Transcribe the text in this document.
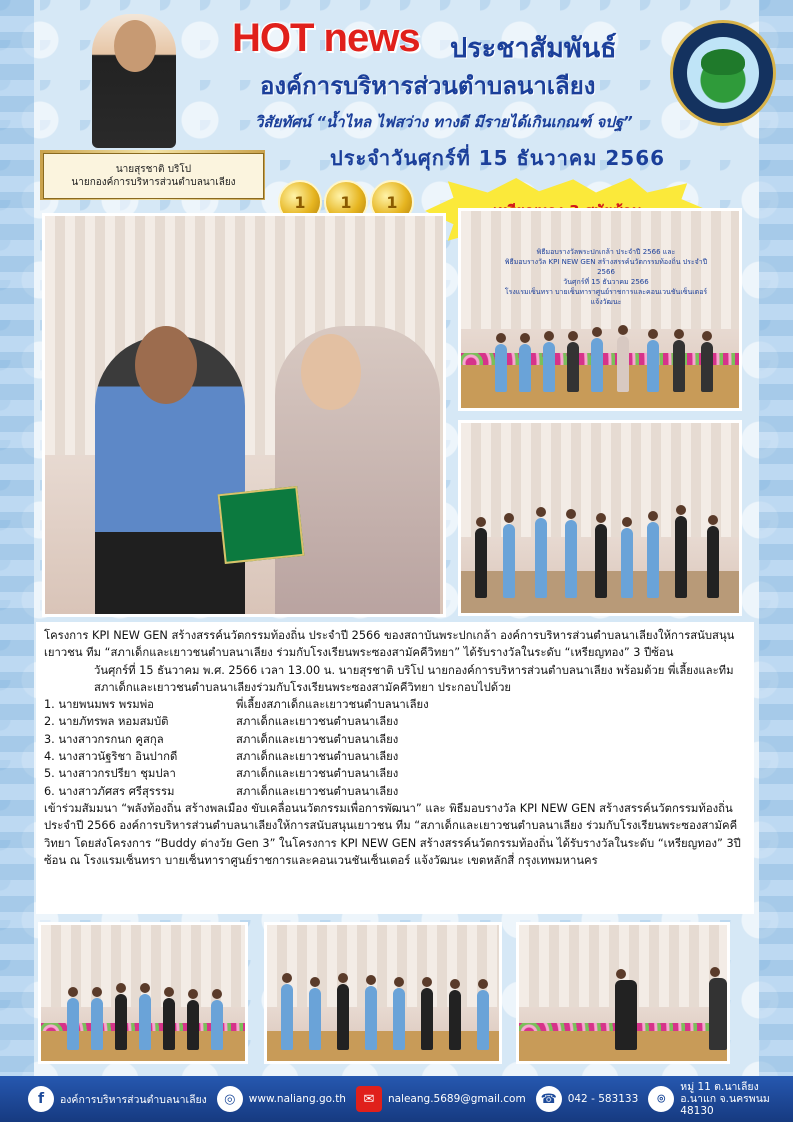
นายสุรชาติ บริโป
นายกองค์การบริหารส่วนตำบลนาเลียง
HOT news ประชาสัมพันธ์
องค์การบริหารส่วนตำบลนาเลียง
วิสัยทัศน์ “น้ำไหล ไฟสว่าง ทางดี มีรายได้เกินเกณฑ์ จปฐ”
ประจำวันศุกร์ที่ 15 ธันวาคม 2566
1	1	1
พิธีมอบรางวัลพระปกเกล้า ประจำปี 2566 และ
พิธีมอบรางวัล KPI NEW GEN สร้างสรรค์นวัตกรรมท้องถิ่น ประจำปี 2566
วันศุกร์ที่ 15 ธันวาคม 2566
โรงแรมเซ็นทรา บายเซ็นทาราศูนย์ราชการและคอนเวนชันเซ็นเตอร์ แจ้งวัฒนะ

โครงการ KPI NEW GEN สร้างสรรค์นวัตกรรมท้องถิ่น ประจำปี 2566 ของสถาบันพระปกเกล้า องค์การบริหารส่วนตำบลนาเลียงให้การสนับสนุนเยาวชน ทีม “สภาเด็กและเยาวชนตำบลนาเลียง ร่วมกับโรงเรียนพระซองสามัคคีวิทยา” ได้รับรางวัลในระดับ “เหรียญทอง” 3 ปีซ้อน

วันศุกร์ที่ 15 ธันวาคม พ.ศ. 2566 เวลา 13.00 น. นายสุรชาติ บริโป นายกองค์การบริหารส่วนตำบลนาเลียง พร้อมด้วย พี่เลี้ยงและทีมสภาเด็กและเยาวชนตำบลนาเลียงร่วมกับโรงเรียนพระซองสามัคคีวิทยา ประกอบไปด้วย

1. นายพนมพร พรมพ่อ	พี่เลี้ยงสภาเด็กและเยาวชนตำบลนาเลียง
2. นายภัทรพล หอมสมบัติ	สภาเด็กและเยาวชนตำบลนาเลียง
3. นางสาวกรกนก คูสกุล	สภาเด็กและเยาวชนตำบลนาเลียง
4. นางสาวนัฐริชา อินปากดี	สภาเด็กและเยาวชนตำบลนาเลียง
5. นางสาวกรปรียา ชุมปลา	สภาเด็กและเยาวชนตำบลนาเลียง
6. นางสาวภัศสร ศรีสุรรรม	สภาเด็กและเยาวชนตำบลนาเลียง

เข้าร่วมสัมมนา “พลังท้องถิ่น สร้างพลเมือง ขับเคลื่อนนวัตกรรมเพื่อการพัฒนา” และ พิธีมอบรางวัล KPI NEW GEN สร้างสรรค์นวัตกรรมท้องถิ่น ประจำปี 2566 องค์การบริหารส่วนตำบลนาเลียงให้การสนับสนุนเยาวชน ทีม “สภาเด็กและเยาวชนตำบลนาเลียง ร่วมกับโรงเรียนพระซองสามัคคีวิทยา โดยส่งโครงการ “Buddy ต่างวัย Gen 3” ในโครงการ KPI NEW GEN สร้างสรรค์นวัตกรรมท้องถิ่น ได้รับรางวัลในระดับ “เหรียญทอง” 3ปีซ้อน ณ โรงแรมเซ็นทรา บายเซ็นทาราศูนย์ราชการและคอนเวนชันเซ็นเตอร์ แจ้งวัฒนะ เขตหลักสี่ กรุงเทพมหานคร

f	องค์การบริหารส่วนตำบลนาเลียง	◎	www.naliang.go.th	✉	naleang.5689@gmail.com	☎	042 - 583133	⌾
หมู่ 11 ต.นาเลียง
อ.นาแก จ.นครพนม
48130
